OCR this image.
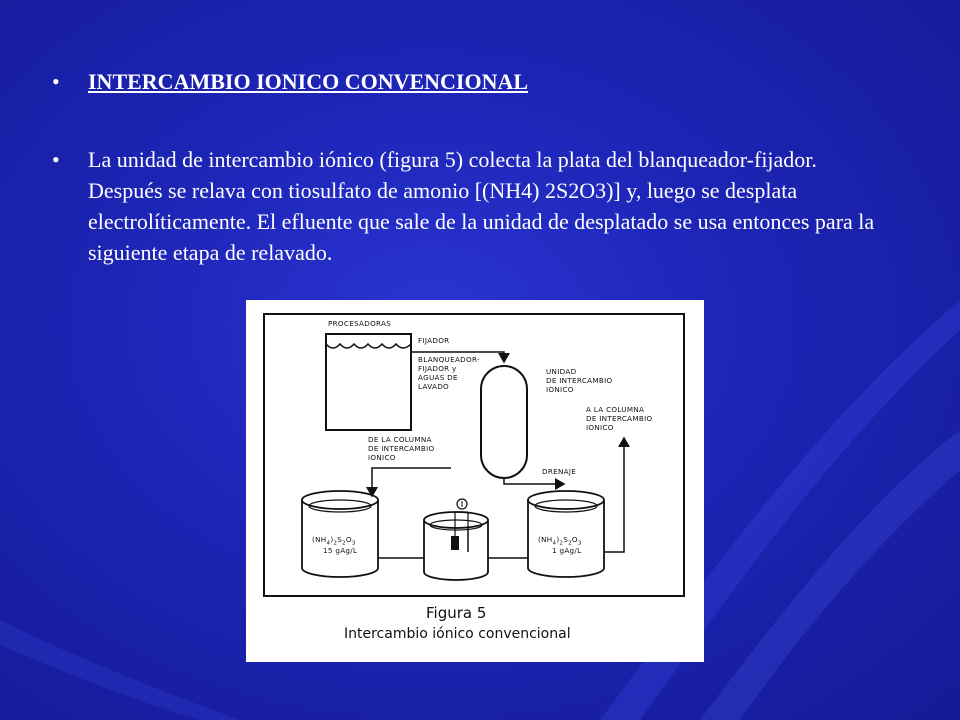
• INTERCAMBIO IONICO CONVENCIONAL
• La unidad de intercambio iónico (figura 5) colecta la plata del blanqueador-fijador. Después se relava con tiosulfato de amonio [(NH4) 2S2O3)] y, luego se desplata electrolíticamente. El efluente que sale de la unidad de desplatado se usa entonces para la siguiente etapa de relavado.
PROCESADORAS
FIJADOR
BLANQUEADOR-
FIJADOR y
AGUAS DE
LAVADO
UNIDAD
DE INTERCAMBIO
IONICO
DRENAJE
DE LA COLUMNA
DE INTERCAMBIO
IONICO
$(NH_4)_2S_2O_3$
15 gAg/L
$(NH_4)_2S_2O_3$
1 gAg/L
A LA COLUMNA
DE INTERCAMBIO
IONICO
Figura 5
Intercambio iónico convencional
